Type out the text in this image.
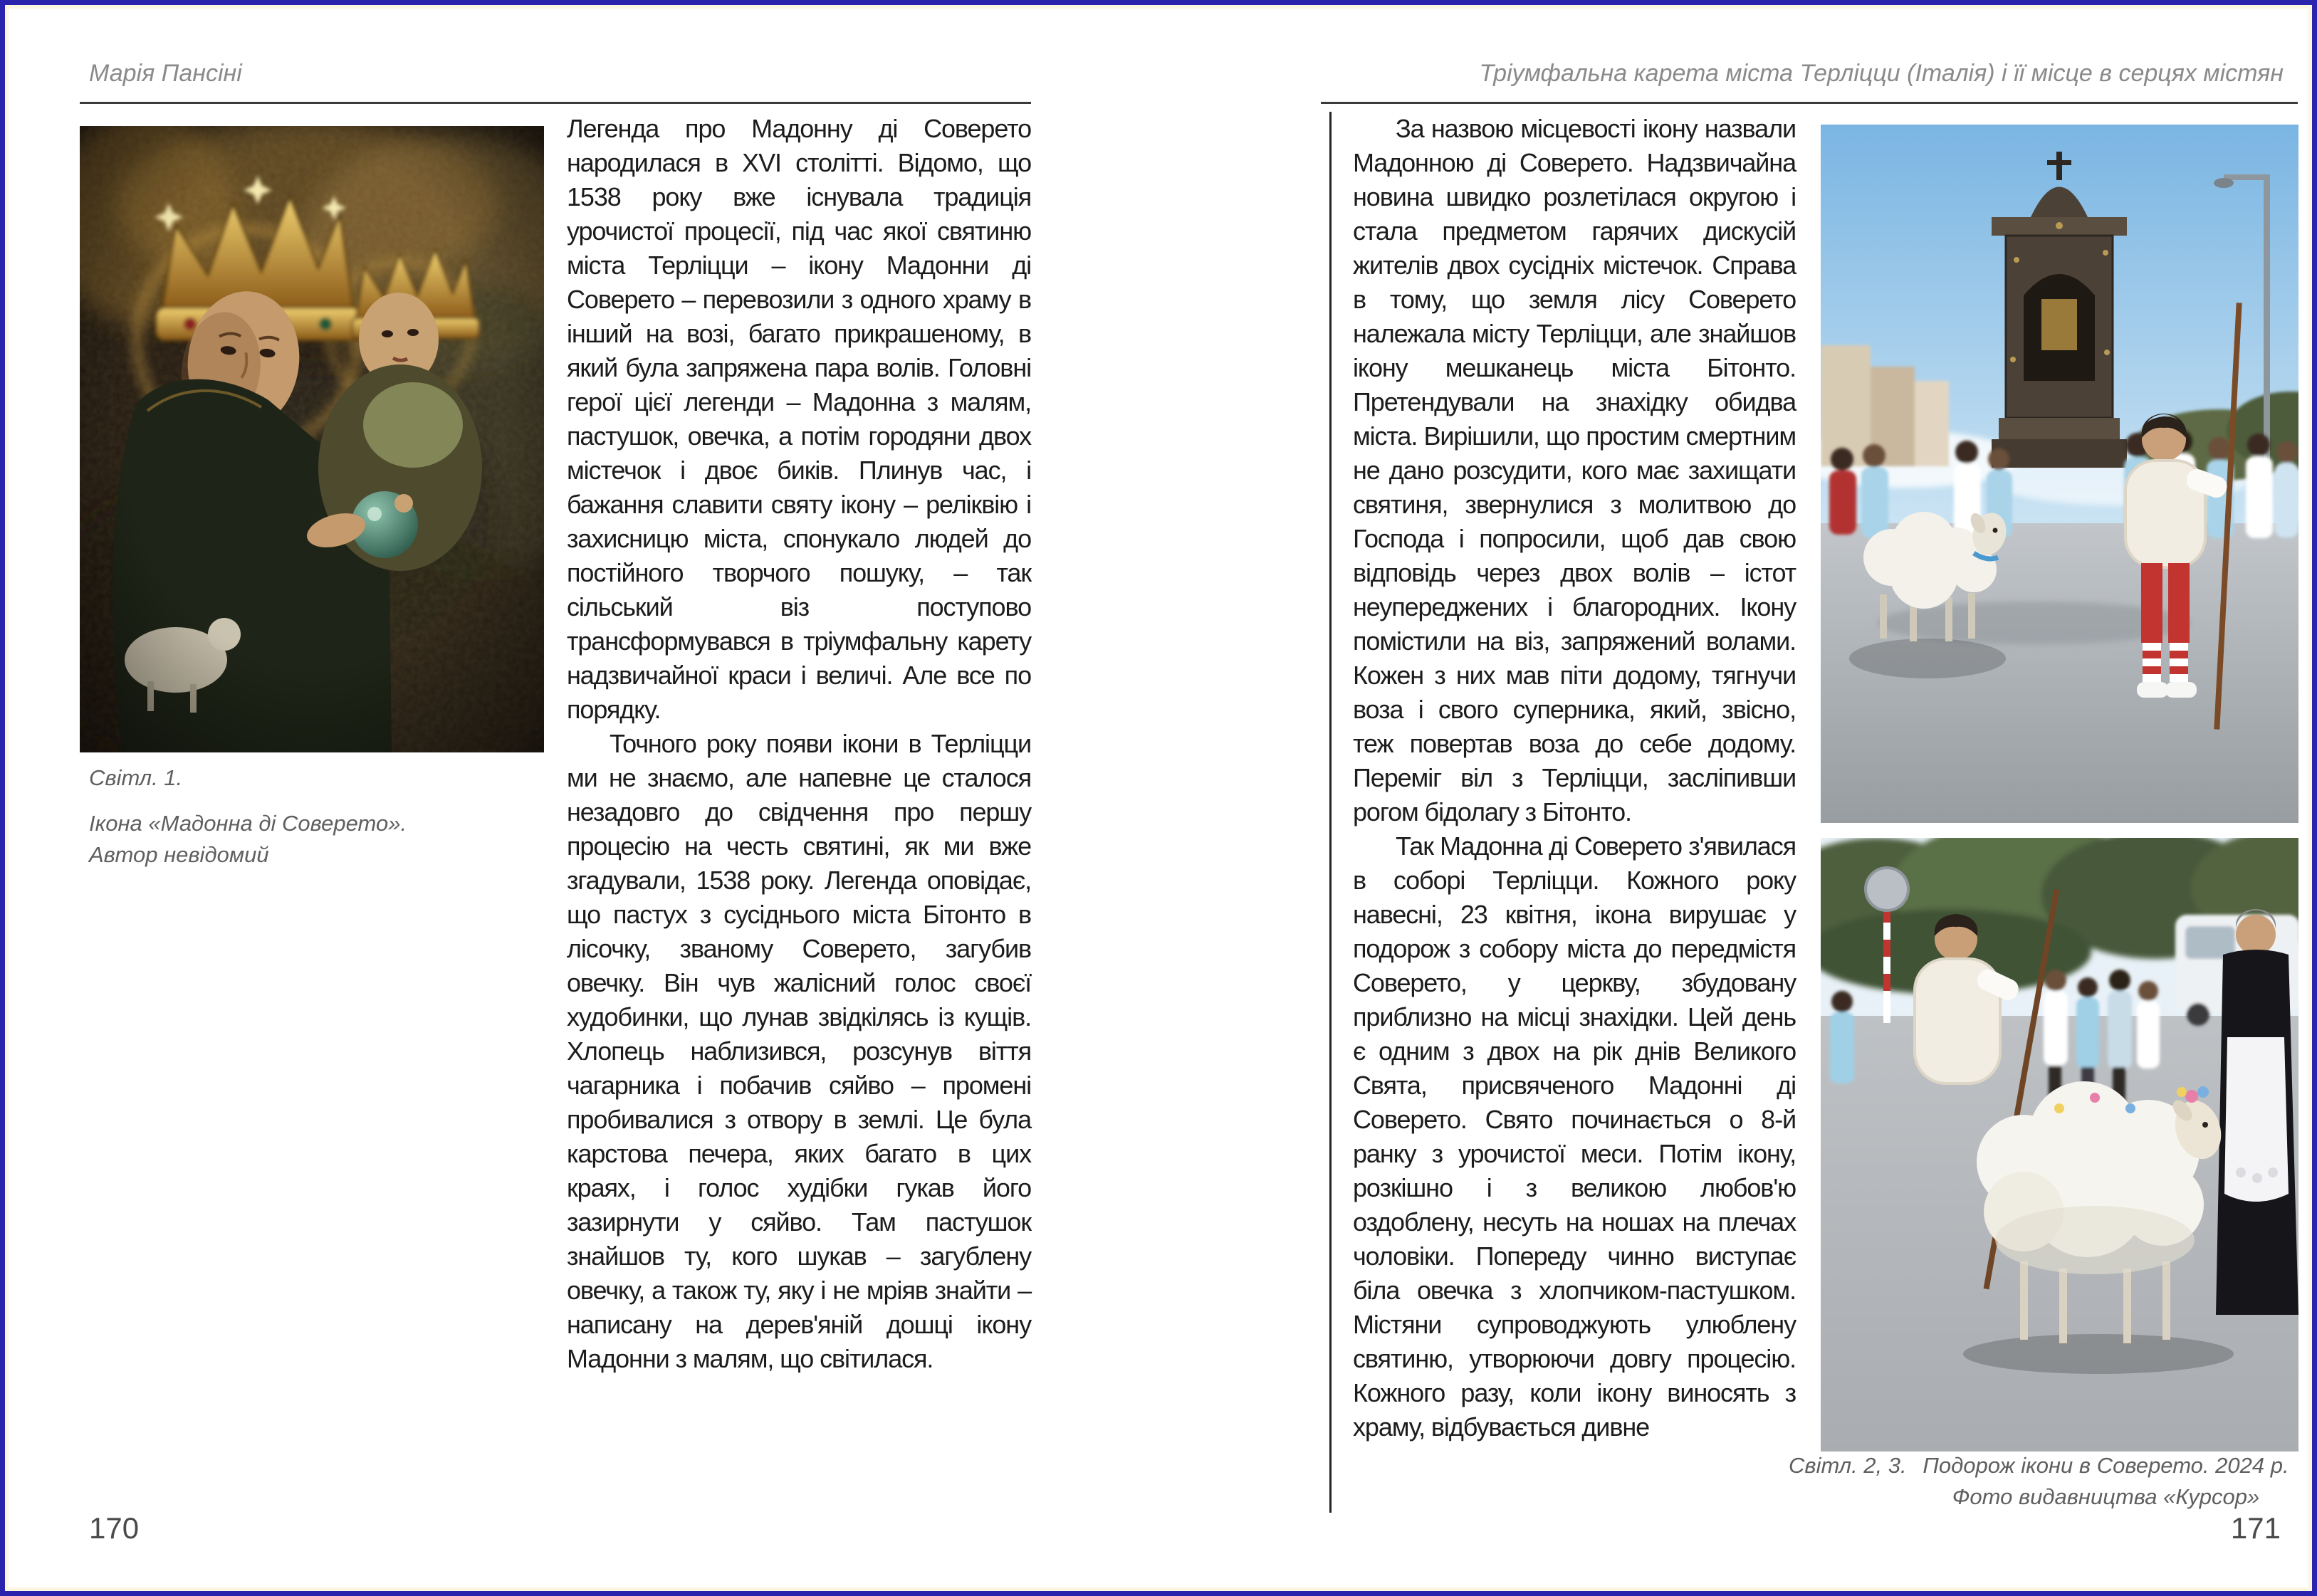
Марія Пансіні
Світл. 1.
Ікона «Мадонна ді Соверето».
Автор невідомий

Легенда про Мадонну ді Соверето народилася в XVI столітті. Відомо, що 1538 року вже існувала традиція урочистої процесії, під час якої святиню міста Терліцци – ікону Мадонни ді Соверето – перевозили з одного храму в інший на возі, багато прикрашеному, в який була запряжена пара волів. Головні герої цієї легенди – Мадонна з малям, пастушок, овечка, а потім городяни двох містечок і двоє биків. Плинув час, і бажання славити святу ікону – реліквію і захисницю міста, спонукало людей до постійного творчого пошуку, – так сільський віз поступово трансформувався в тріумфальну карету надзвичайної краси і величі. Але все по порядку.

Точного року появи ікони в Терліцци ми не знаємо, але напевне це сталося незадовго до свідчення про першу процесію на честь святині, як ми вже згадували, 1538 року. Легенда оповідає, що пастух з сусіднього міста Бітонто в лісочку, званому Соверето, загубив овечку. Він чув жалісний голос своєї худобинки, що лунав звідкілясь із кущів. Хлопець наблизився, розсунув віття чагарника і побачив сяйво – промені пробивалися з отвору в землі. Це була карстова печера, яких багато в цих краях, і голос худібки гукав його зазирнути у сяйво. Там пастушок знайшов ту, кого шукав – загублену овечку, а також ту, яку і не мріяв знайти – написану на дерев'яній дошці ікону Мадонни з малям, що світилася.

170
Тріумфальна карета міста Терліцци (Італія) і її місце в серцях містян

За назвою місцевості ікону назвали Мадонною ді Соверето. Надзвичайна новина швидко розлетілася округою і стала предметом гарячих дискусій жителів двох сусідніх містечок. Справа в тому, що земля лісу Соверето належала місту Терліцци, але знайшов ікону мешканець міста Бітонто. Претендували на знахідку обидва міста. Вирішили, що простим смертним не дано розсудити, кого має захищати святиня, звернулися з молитвою до Господа і попросили, щоб дав свою відповідь через двох волів – істот неупереджених і благородних. Ікону помістили на віз, запряжений волами. Кожен з них мав піти додому, тягнучи воза і свого суперника, який, звісно, теж повертав воза до себе додому. Переміг віл з Терліцци, засліпивши рогом бідолагу з Бітонто.

Так Мадонна ді Соверето з'явилася в соборі Терліцци. Кожного року навесні, 23 квітня, ікона вирушає у подорож з собору міста до передмістя Соверето, у церкву, збудовану приблизно на місці знахідки. Цей день є одним з двох на рік днів Великого Свята, присвяченого Мадонні ді Соверето. Свято починається о 8-й ранку з урочистої меси. Потім ікону, розкішно і з великою любов'ю оздоблену, несуть на ношах на плечах чоловіки. Попереду чинно виступає біла овечка з хлопчиком-пастушком. Містяни супроводжують улюблену святиню, утворюючи довгу процесію. Кожного разу, коли ікону виносять з храму, відбувається дивне

Світл. 2, 3. Подорож ікони в Соверето. 2024 р.
Фото видавництва «Курсор»
171
